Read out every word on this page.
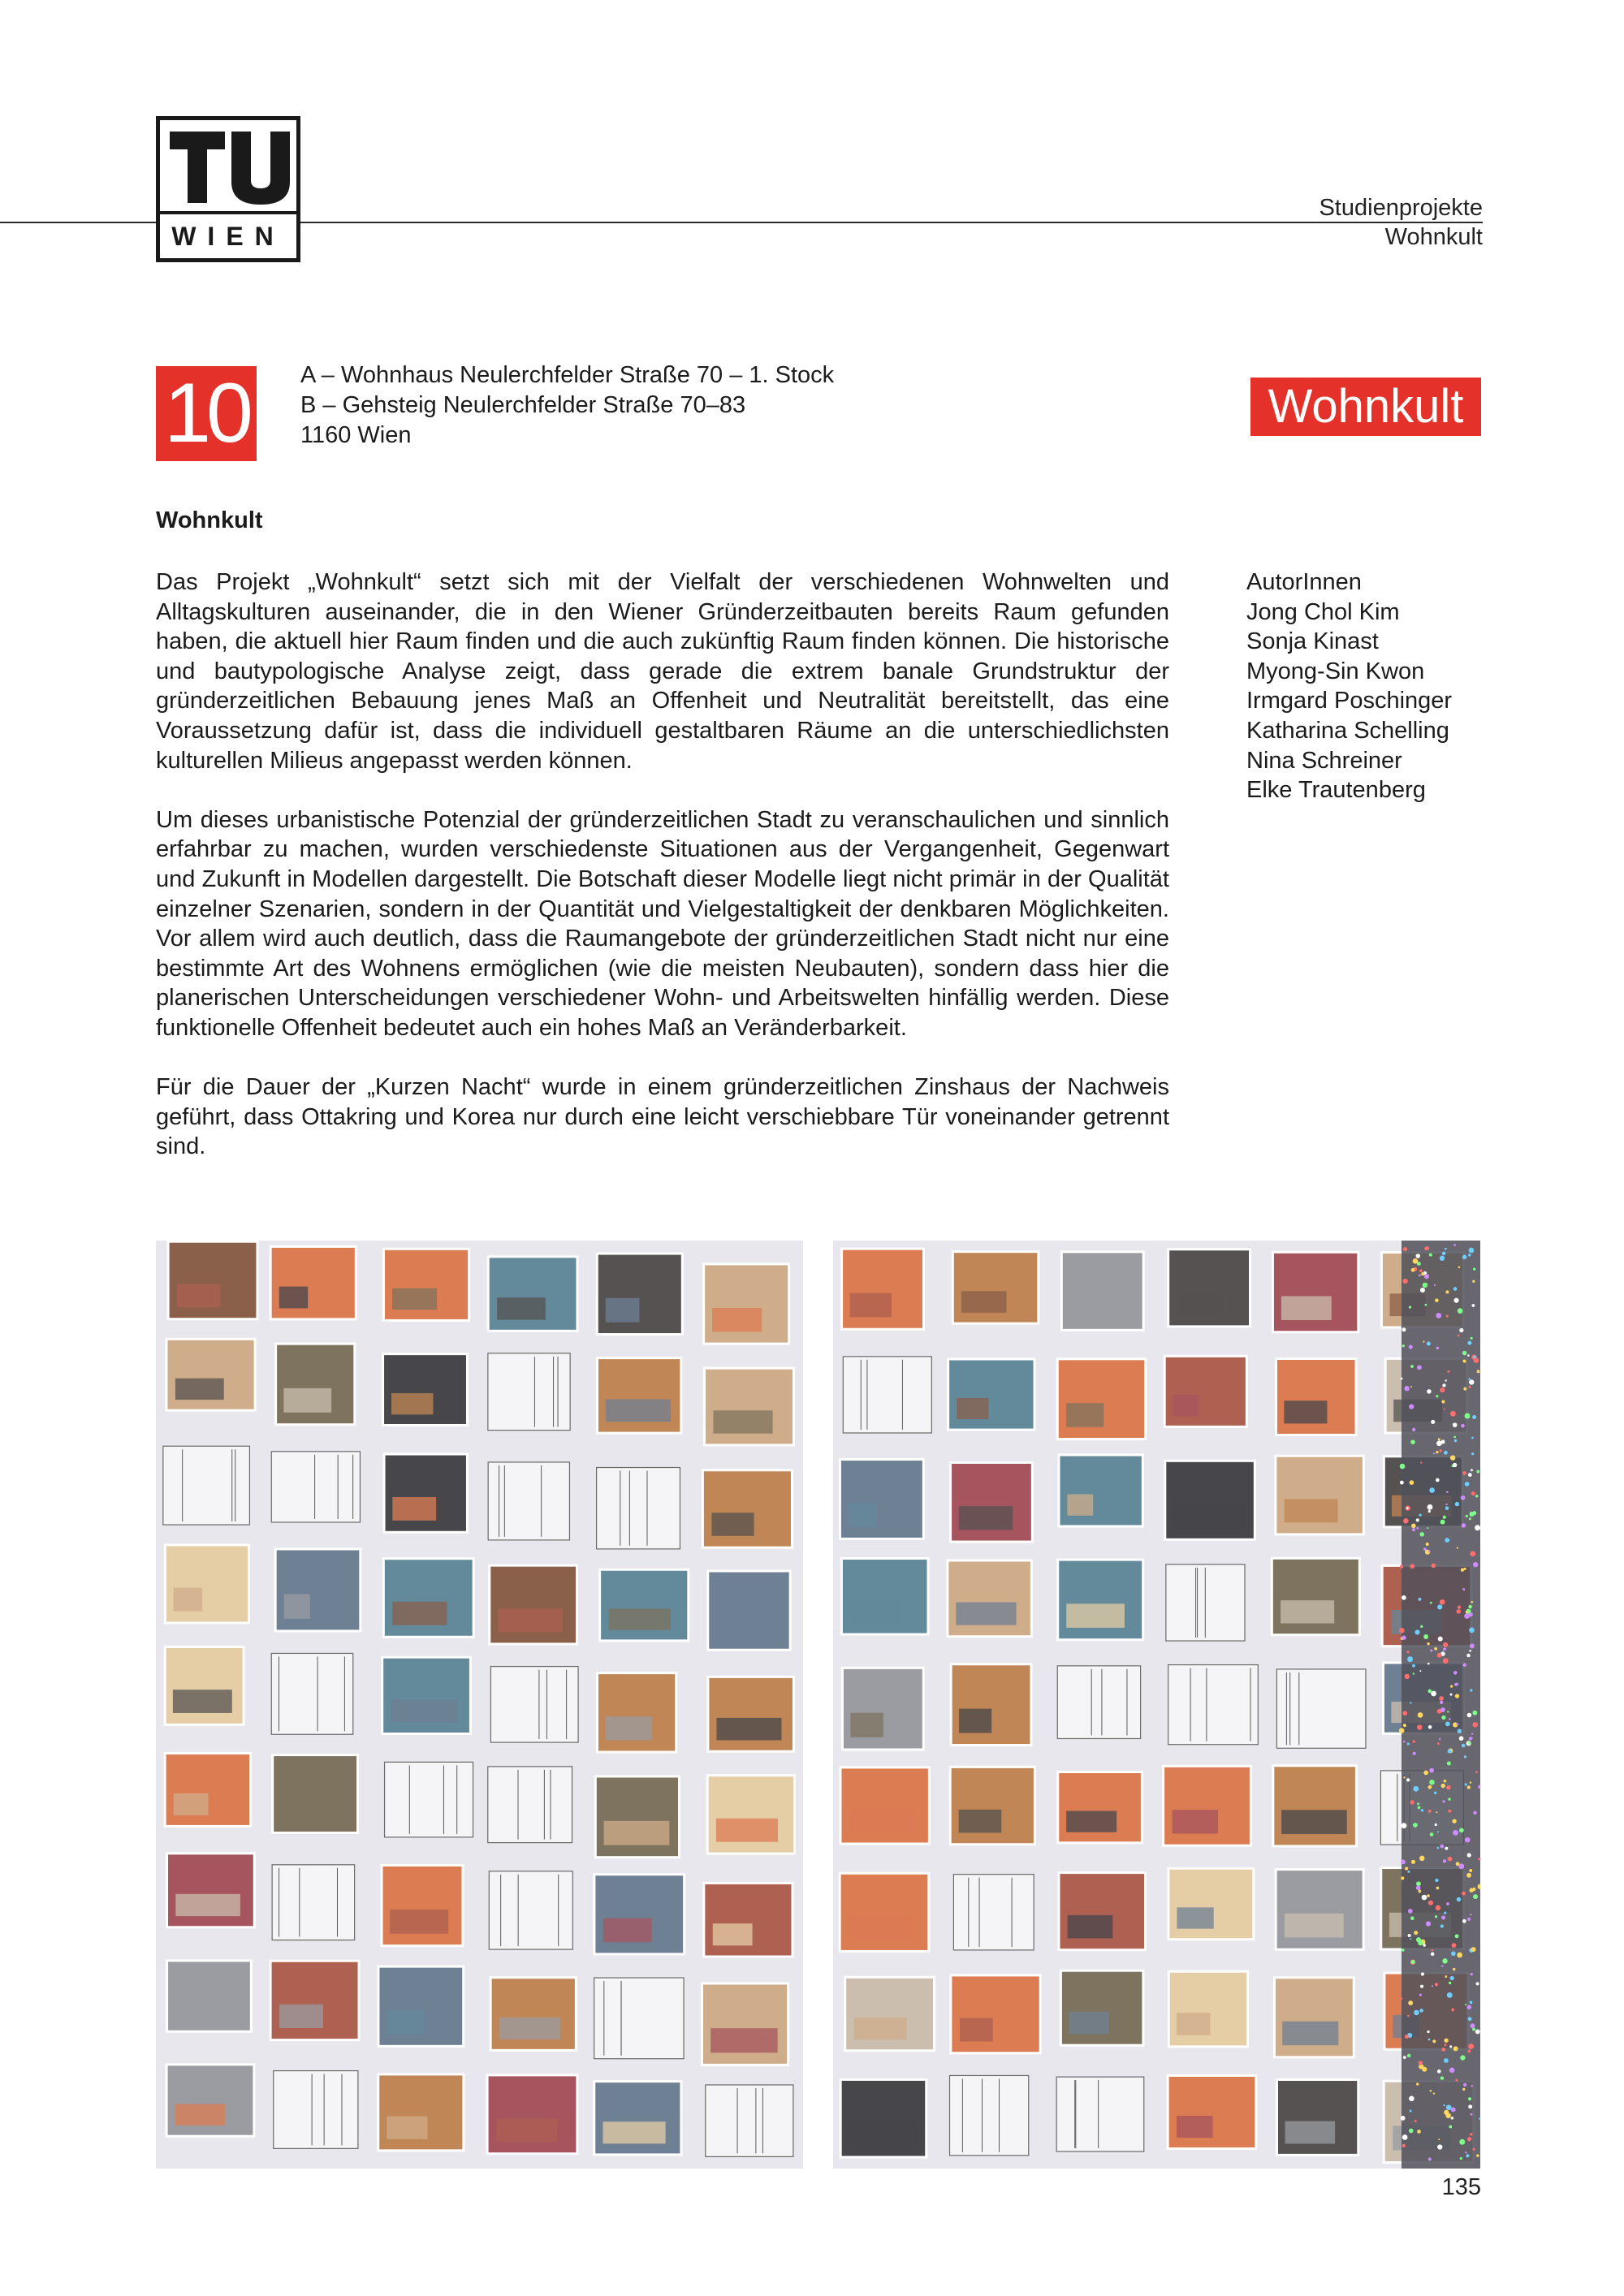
WIEN
Studienprojekte
Wohnkult
10	A – Wohnhaus Neulerchfelder Straße 70 – 1. Stock
B – Gehsteig Neulerchfelder Straße 70–83
1160 Wien
Wohnkult
Wohnkult

Das Projekt „Wohnkult“ setzt sich mit der Vielfalt der verschiedenen Wohnwelten und Alltagskulturen auseinander, die in den Wiener Gründerzeitbauten bereits Raum gefunden haben, die aktuell hier Raum finden und die auch zukünftig Raum finden können. Die historische und bautypologische Analyse zeigt, dass gerade die extrem banale Grundstruktur der gründerzeitlichen Bebauung jenes Maß an Offenheit und Neutralität bereitstellt, das eine Voraussetzung dafür ist, dass die individuell gestaltbaren Räume an die unterschiedlichsten kulturellen Milieus angepasst werden können.

Um dieses urbanistische Potenzial der gründerzeitlichen Stadt zu veranschaulichen und sinnlich erfahrbar zu machen, wurden verschiedenste Situationen aus der Vergangenheit, Gegenwart und Zukunft in Modellen dargestellt. Die Botschaft dieser Modelle liegt nicht primär in der Qualität einzelner Szenarien, sondern in der Quantität und Vielgestaltigkeit der denkbaren Möglichkeiten. Vor allem wird auch deutlich, dass die Raumangebote der gründerzeitlichen Stadt nicht nur eine bestimmte Art des Wohnens ermöglichen (wie die meisten Neubauten), sondern dass hier die planerischen Unterscheidungen verschiedener Wohn- und Arbeitswelten hinfällig werden. Diese funktionelle Offenheit bedeutet auch ein hohes Maß an Veränderbarkeit.

Für die Dauer der „Kurzen Nacht“ wurde in einem gründerzeitlichen Zinshaus der Nachweis geführt, dass Ottakring und Korea nur durch eine leicht verschiebbare Tür voneinander getrennt sind.

AutorInnen
Jong Chol Kim
Sonja Kinast
Myong-Sin Kwon
Irmgard Poschinger
Katharina Schelling
Nina Schreiner
Elke Trautenberg
135
